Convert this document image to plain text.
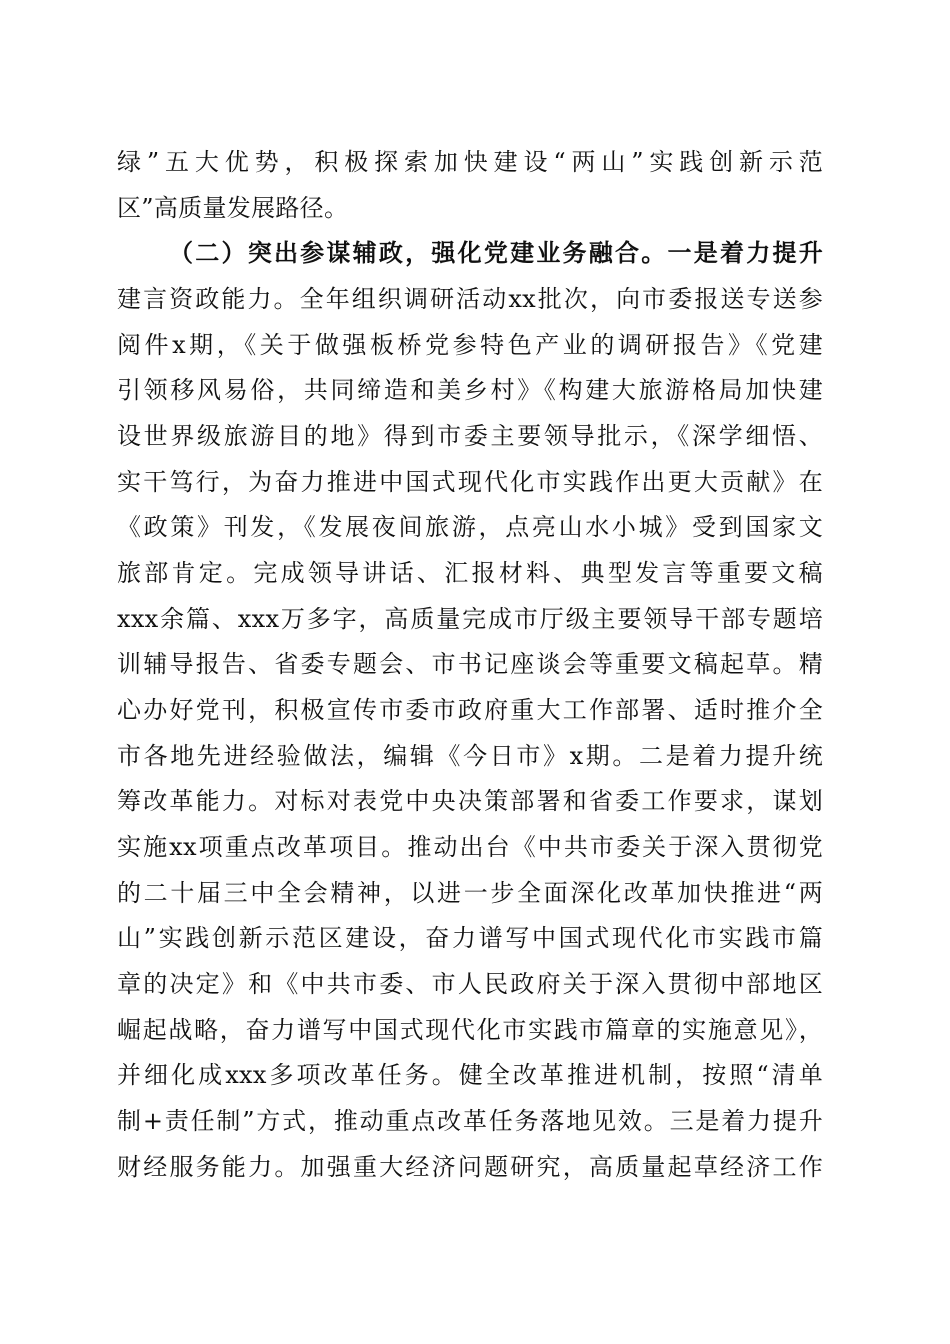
绿”五大优势，积极探索加快建设“两山”实践创新示范
区”高质量发展路径。
（二）突出参谋辅政，强化党建业务融合。一是着力提升
建言资政能力。全年组织调研活动xx批次，向市委报送专送参
阅件x期，《关于做强板桥党参特色产业的调研报告》《党建
引领移风易俗，共同缔造和美乡村》《构建大旅游格局加快建
设世界级旅游目的地》得到市委主要领导批示，《深学细悟、
实干笃行，为奋力推进中国式现代化市实践作出更大贡献》在
《政策》刊发，《发展夜间旅游，点亮山水小城》受到国家文
旅部肯定。完成领导讲话、汇报材料、典型发言等重要文稿
xxx余篇、xxx万多字，高质量完成市厅级主要领导干部专题培
训辅导报告、省委专题会、市书记座谈会等重要文稿起草。精
心办好党刊，积极宣传市委市政府重大工作部署、适时推介全
市各地先进经验做法，编辑《今日市》x期。二是着力提升统
筹改革能力。对标对表党中央决策部署和省委工作要求，谋划
实施xx项重点改革项目。推动出台《中共市委关于深入贯彻党
的二十届三中全会精神，以进一步全面深化改革加快推进“两
山”实践创新示范区建设，奋力谱写中国式现代化市实践市篇
章的决定》和《中共市委、市人民政府关于深入贯彻中部地区
崛起战略，奋力谱写中国式现代化市实践市篇章的实施意见》，
并细化成xxx多项改革任务。健全改革推进机制，按照“清单
制+责任制”方式，推动重点改革任务落地见效。三是着力提升
财经服务能力。加强重大经济问题研究，高质量起草经济工作
